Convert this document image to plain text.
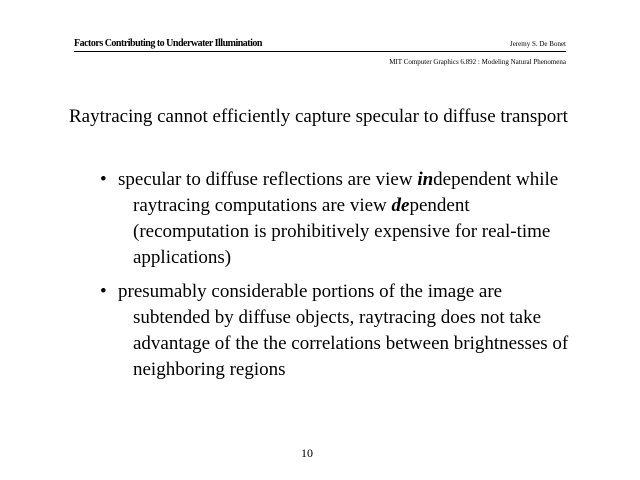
Factors Contributing to Underwater Illumination	Jeremy S. De Bonet
MIT Computer Graphics 6.892 : Modeling Natural Phenomena

Raytracing cannot efficiently capture specular to diffuse transport

• specular to diffuse reflections are view independent while raytracing computations are view dependent (recomputation is prohibitively expensive for real-time applications)
• presumably considerable portions of the image are subtended by diffuse objects, raytracing does not take advantage of the the correlations between brightnesses of neighboring regions
10
